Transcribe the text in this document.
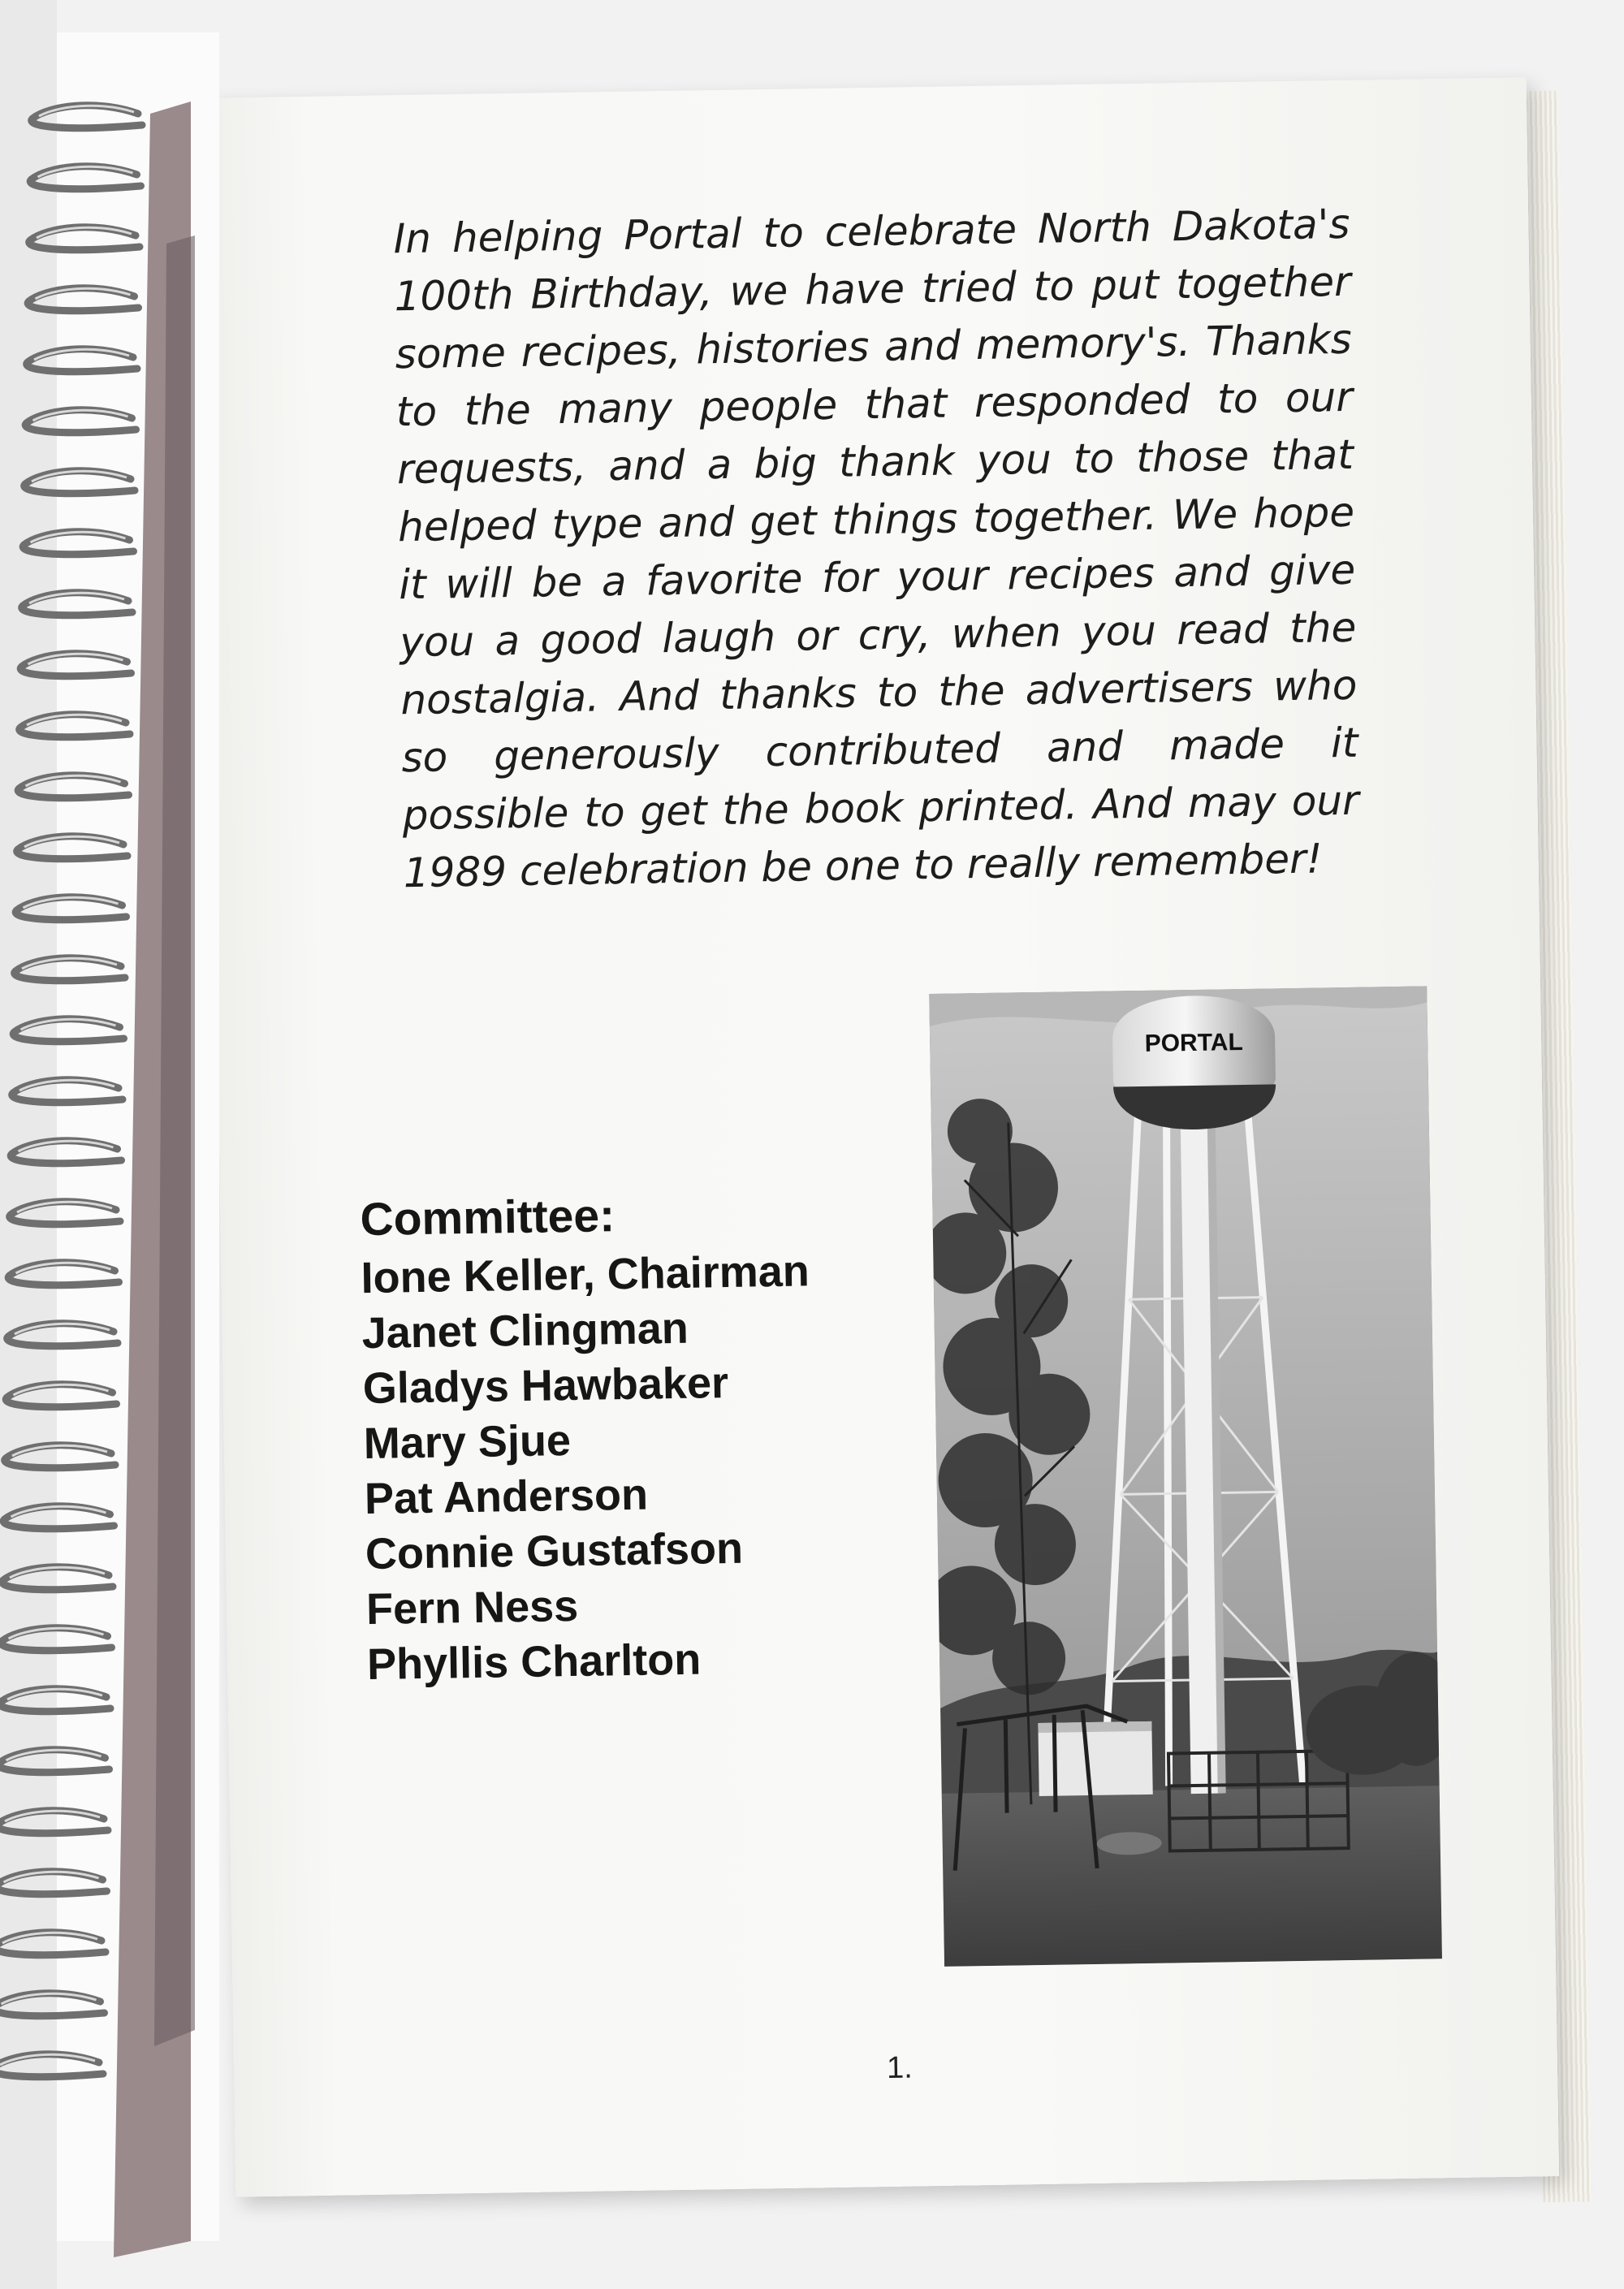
In helping Portal to celebrate North Dakota's 100th Birthday, we have tried to put together some recipes, histories and memory's. Thanks to the many people that responded to our requests, and a big thank you to those that helped type and get things together. We hope it will be a favorite for your recipes and give you a good laugh or cry, when you read the nostalgia. And thanks to the advertisers who so generously contributed and made it possible to get the book printed. And may our 1989 celebration be one to really remember!

Committee:
Ione Keller, Chairman
Janet Clingman
Gladys Hawbaker
Mary Sjue
Pat Anderson
Connie Gustafson
Fern Ness
Phyllis Charlton
PORTAL
1.
